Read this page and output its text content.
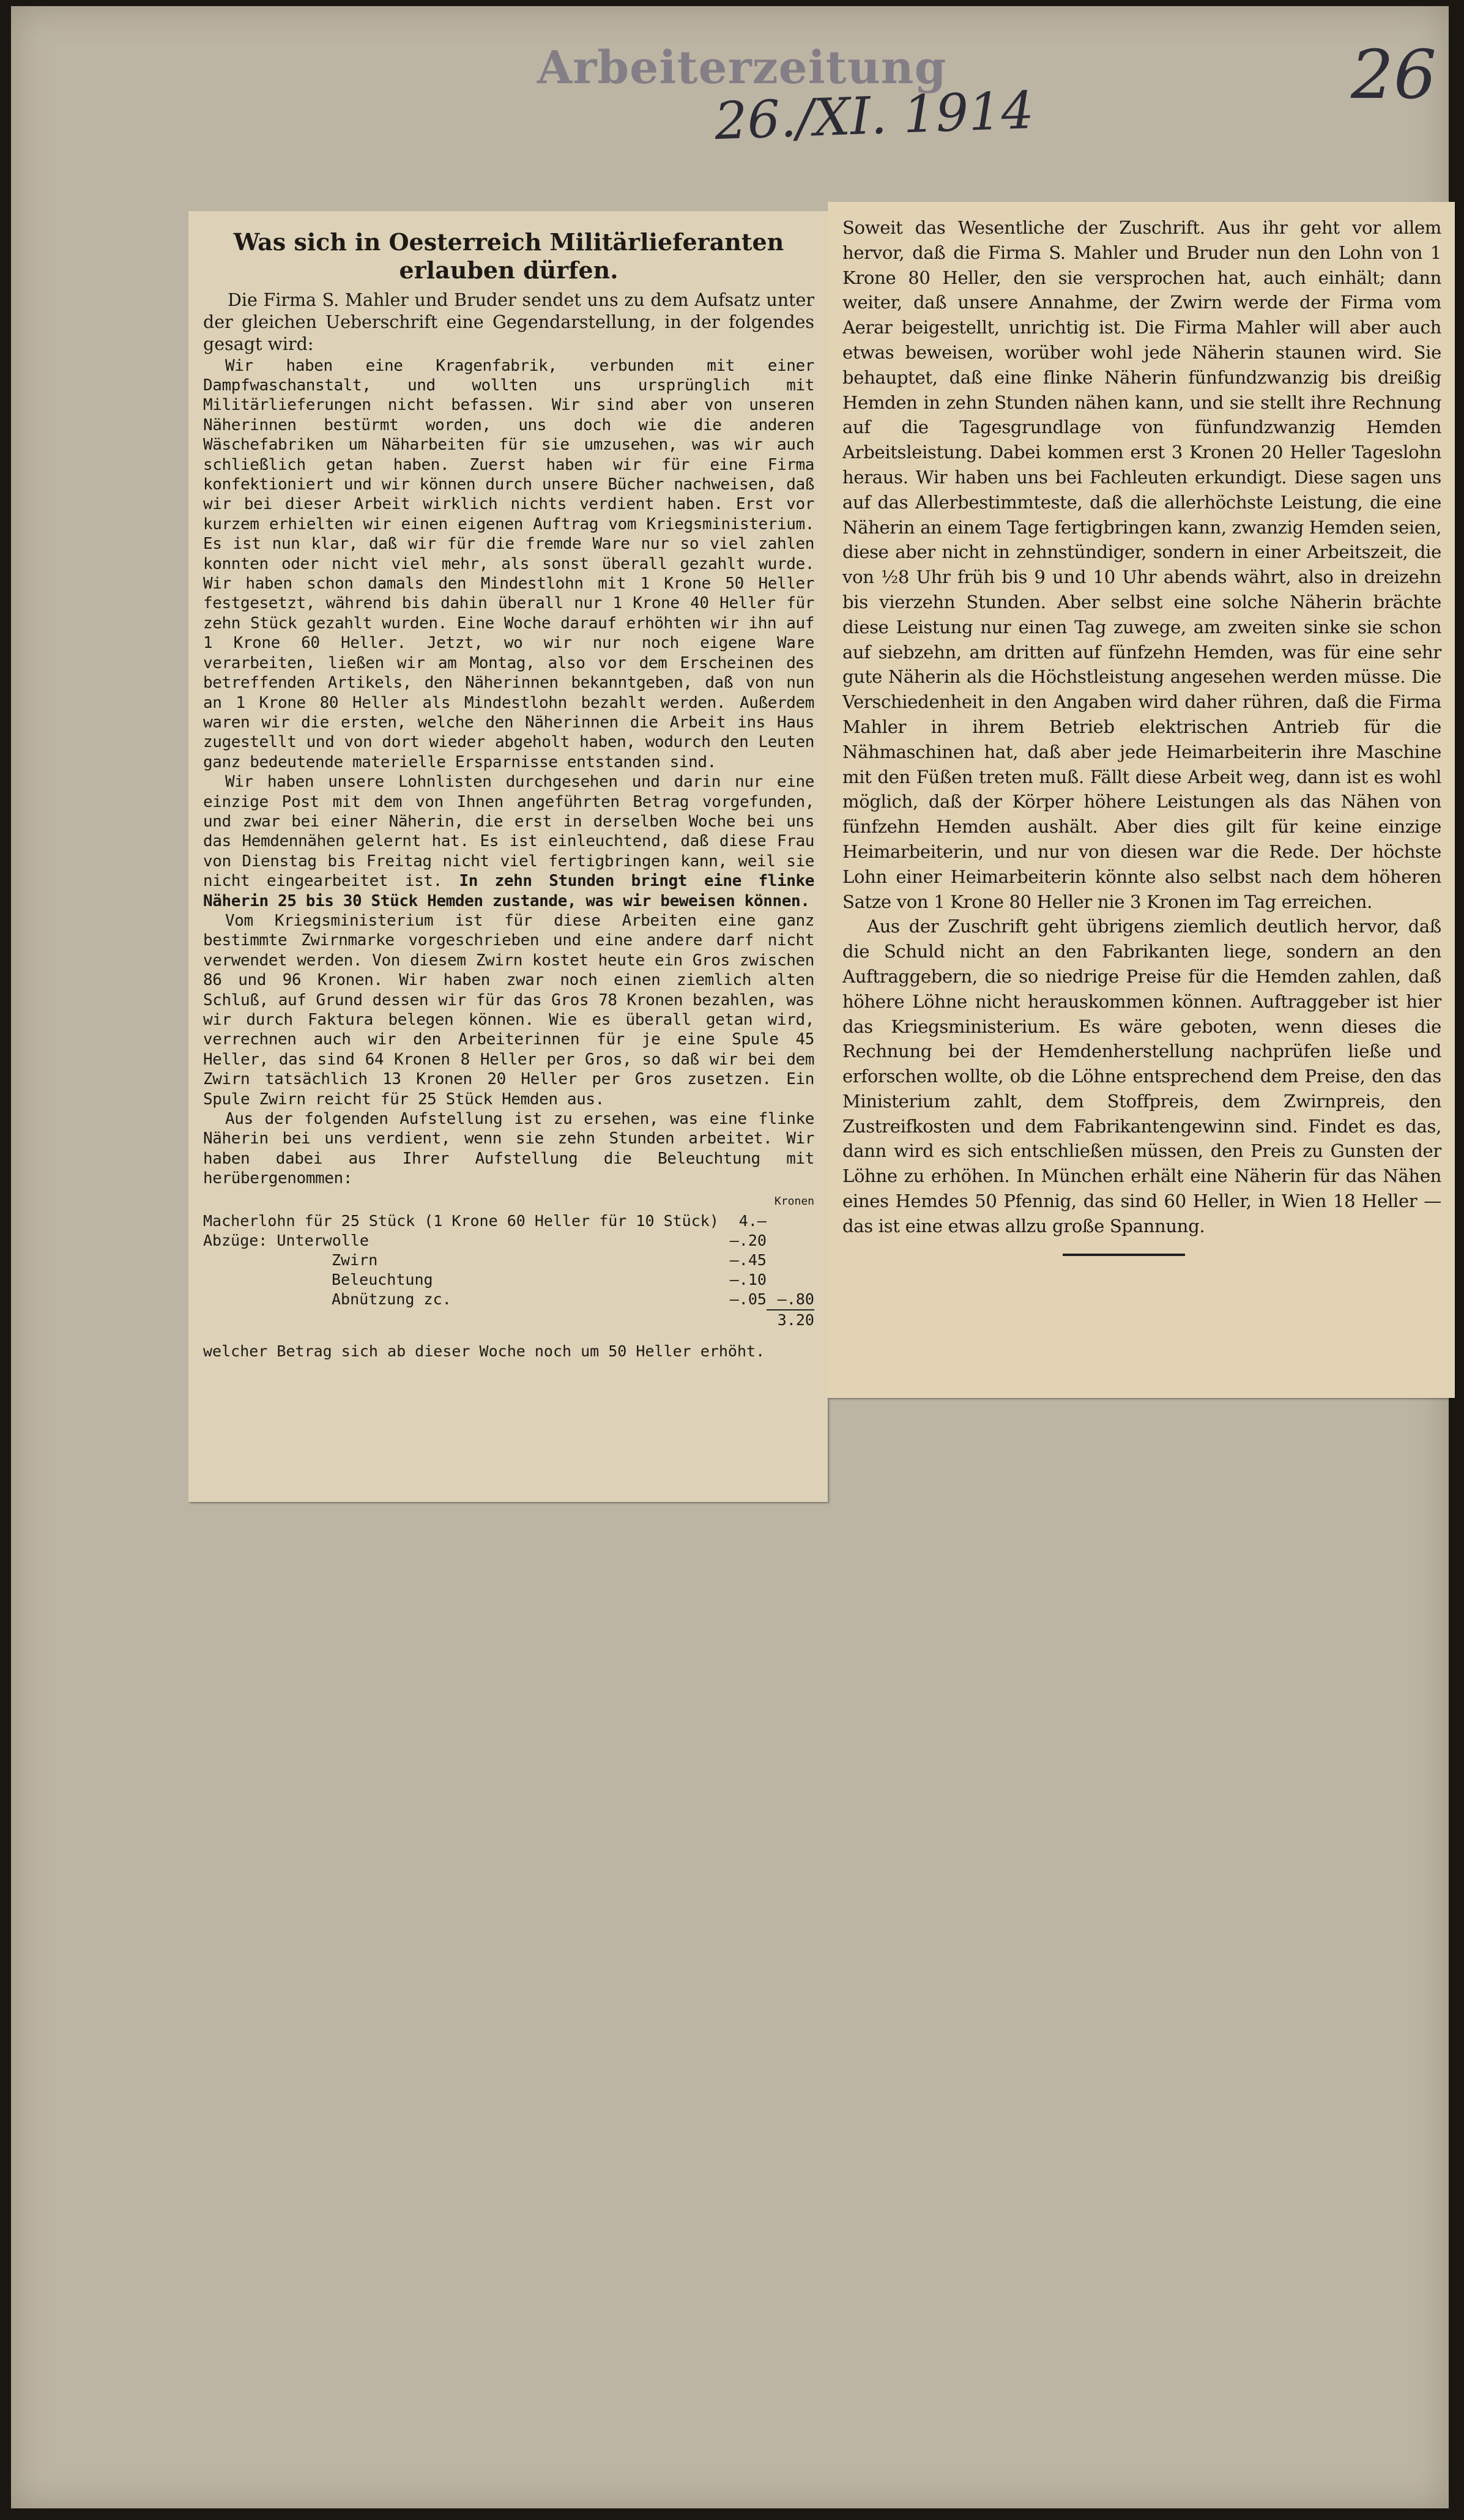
Arbeiterzeitung
26./XI. 1914
26
Was sich in Oesterreich Militärlieferanten erlauben dürfen.

Die Firma S. Mahler und Bruder sendet uns zu dem Aufsatz unter der gleichen Ueberschrift eine Gegendarstellung, in der folgendes gesagt wird:

Wir haben eine Kragenfabrik, verbunden mit einer Dampfwaschanstalt, und wollten uns ursprünglich mit Militärlieferungen nicht befassen. Wir sind aber von unseren Näherinnen bestürmt worden, uns doch wie die anderen Wäschefabriken um Näharbeiten für sie umzusehen, was wir auch schließlich getan haben. Zuerst haben wir für eine Firma konfektioniert und wir können durch unsere Bücher nachweisen, daß wir bei dieser Arbeit wirklich nichts verdient haben. Erst vor kurzem erhielten wir einen eigenen Auftrag vom Kriegsministerium. Es ist nun klar, daß wir für die fremde Ware nur so viel zahlen konnten oder nicht viel mehr, als sonst überall gezahlt wurde. Wir haben schon damals den Mindestlohn mit 1 Krone 50 Heller festgesetzt, während bis dahin überall nur 1 Krone 40 Heller für zehn Stück gezahlt wurden. Eine Woche darauf erhöhten wir ihn auf 1 Krone 60 Heller. Jetzt, wo wir nur noch eigene Ware verarbeiten, ließen wir am Montag, also vor dem Erscheinen des betreffenden Artikels, den Näherinnen bekanntgeben, daß von nun an 1 Krone 80 Heller als Mindestlohn bezahlt werden. Außerdem waren wir die ersten, welche den Näherinnen die Arbeit ins Haus zugestellt und von dort wieder abgeholt haben, wodurch den Leuten ganz bedeutende materielle Ersparnisse entstanden sind.

Wir haben unsere Lohnlisten durchgesehen und darin nur eine einzige Post mit dem von Ihnen angeführten Betrag vorgefunden, und zwar bei einer Näherin, die erst in derselben Woche bei uns das Hemdennähen gelernt hat. Es ist einleuchtend, daß diese Frau von Dienstag bis Freitag nicht viel fertigbringen kann, weil sie nicht eingearbeitet ist. In zehn Stunden bringt eine flinke Näherin 25 bis 30 Stück Hemden zustande, was wir beweisen können.

Vom Kriegsministerium ist für diese Arbeiten eine ganz bestimmte Zwirnmarke vorgeschrieben und eine andere darf nicht verwendet werden. Von diesem Zwirn kostet heute ein Gros zwischen 86 und 96 Kronen. Wir haben zwar noch einen ziemlich alten Schluß, auf Grund dessen wir für das Gros 78 Kronen bezahlen, was wir durch Faktura belegen können. Wie es überall getan wird, verrechnen auch wir den Arbeiterinnen für je eine Spule 45 Heller, das sind 64 Kronen 8 Heller per Gros, so daß wir bei dem Zwirn tatsächlich 13 Kronen 20 Heller per Gros zusetzen. Ein Spule Zwirn reicht für 25 Stück Hemden aus.

Aus der folgenden Aufstellung ist zu ersehen, was eine flinke Näherin bei uns verdient, wenn sie zehn Stunden arbeitet. Wir haben dabei aus Ihrer Aufstellung die Beleuchtung mit herübergenommen:

Kronen
Macherlohn für 25 Stück (1 Krone 60 Heller für 10 Stück)	4.—	
Abzüge: Unterwolle	—.20	
Zwirn	—.45	
Beleuchtung	—.10	
Abnützung zc.	—.05	—.80
		3.20

welcher Betrag sich ab dieser Woche noch um 50 Heller erhöht.

Soweit das Wesentliche der Zuschrift. Aus ihr geht vor allem hervor, daß die Firma S. Mahler und Bruder nun den Lohn von 1 Krone 80 Heller, den sie versprochen hat, auch einhält; dann weiter, daß unsere Annahme, der Zwirn werde der Firma vom Aerar beigestellt, unrichtig ist. Die Firma Mahler will aber auch etwas beweisen, worüber wohl jede Näherin staunen wird. Sie behauptet, daß eine flinke Näherin fünfundzwanzig bis dreißig Hemden in zehn Stunden nähen kann, und sie stellt ihre Rechnung auf die Tagesgrundlage von fünfundzwanzig Hemden Arbeitsleistung. Dabei kommen erst 3 Kronen 20 Heller Tageslohn heraus. Wir haben uns bei Fachleuten erkundigt. Diese sagen uns auf das Allerbestimmteste, daß die allerhöchste Leistung, die eine Näherin an einem Tage fertigbringen kann, zwanzig Hemden seien, diese aber nicht in zehnstündiger, sondern in einer Arbeitszeit, die von ½8 Uhr früh bis 9 und 10 Uhr abends währt, also in dreizehn bis vierzehn Stunden. Aber selbst eine solche Näherin brächte diese Leistung nur einen Tag zuwege, am zweiten sinke sie schon auf siebzehn, am dritten auf fünfzehn Hemden, was für eine sehr gute Näherin als die Höchstleistung angesehen werden müsse. Die Verschiedenheit in den Angaben wird daher rühren, daß die Firma Mahler in ihrem Betrieb elektrischen Antrieb für die Nähmaschinen hat, daß aber jede Heimarbeiterin ihre Maschine mit den Füßen treten muß. Fällt diese Arbeit weg, dann ist es wohl möglich, daß der Körper höhere Leistungen als das Nähen von fünfzehn Hemden aushält. Aber dies gilt für keine einzige Heimarbeiterin, und nur von diesen war die Rede. Der höchste Lohn einer Heimarbeiterin könnte also selbst nach dem höheren Satze von 1 Krone 80 Heller nie 3 Kronen im Tag erreichen.

Aus der Zuschrift geht übrigens ziemlich deutlich hervor, daß die Schuld nicht an den Fabrikanten liege, sondern an den Auftraggebern, die so niedrige Preise für die Hemden zahlen, daß höhere Löhne nicht herauskommen können. Auftraggeber ist hier das Kriegsministerium. Es wäre geboten, wenn dieses die Rechnung bei der Hemdenherstellung nachprüfen ließe und erforschen wollte, ob die Löhne entsprechend dem Preise, den das Ministerium zahlt, dem Stoffpreis, dem Zwirnpreis, den Zustreifkosten und dem Fabrikantengewinn sind. Findet es das, dann wird es sich entschließen müssen, den Preis zu Gunsten der Löhne zu erhöhen. In München erhält eine Näherin für das Nähen eines Hemdes 50 Pfennig, das sind 60 Heller, in Wien 18 Heller — das ist eine etwas allzu große Spannung.
